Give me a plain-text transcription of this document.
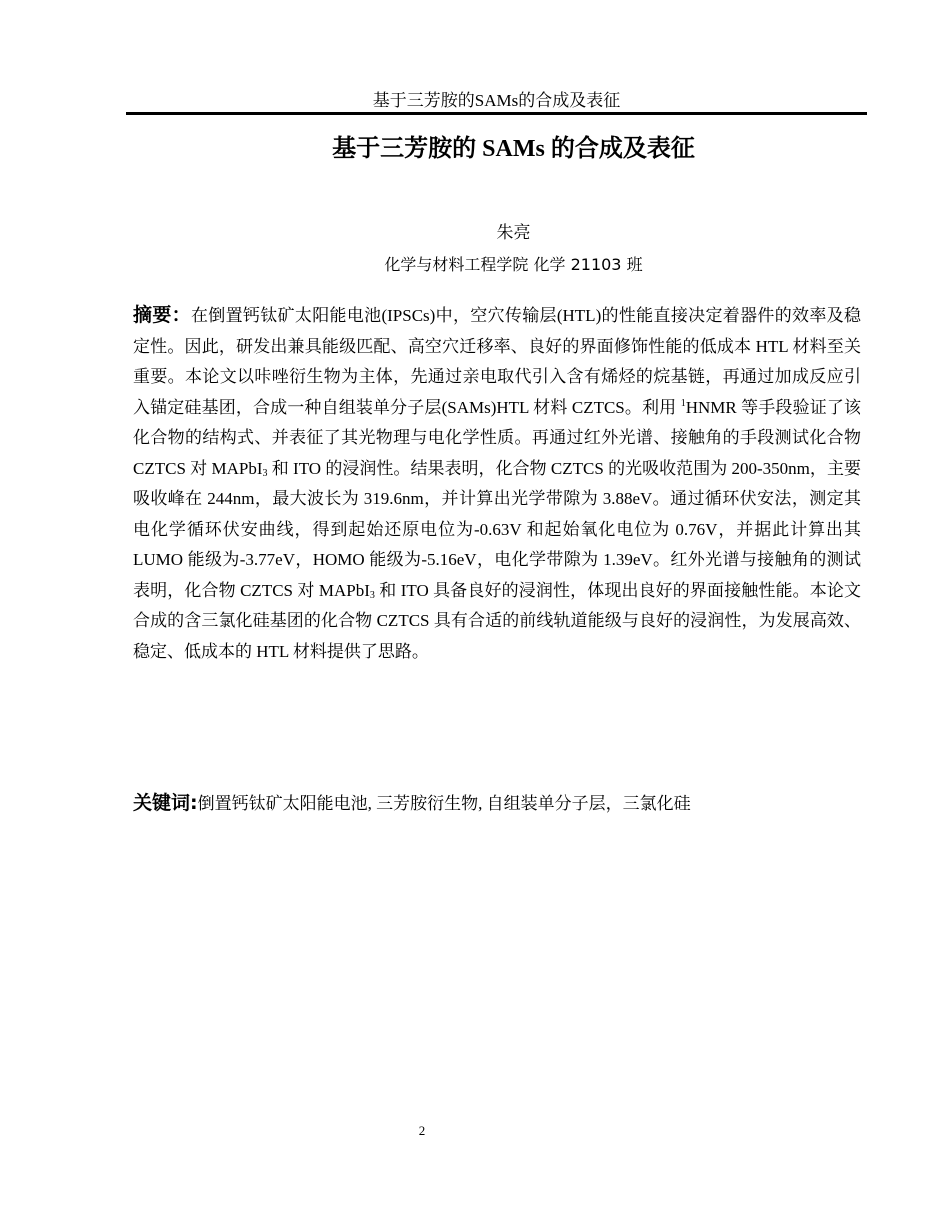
基于三芳胺的SAMs的合成及表征
基于三芳胺的 SAMs 的合成及表征
朱亮
化学与材料工程学院 化学 21103 班

摘要：在倒置钙钛矿太阳能电池(IPSCs)中，空穴传输层(HTL)的性能直接决定着器件的效率及稳定性。因此，研发出兼具能级匹配、高空穴迁移率、良好的界面修饰性能的低成本 HTL 材料至关重要。本论文以咔唑衍生物为主体，先通过亲电取代引入含有烯烃的烷基链，再通过加成反应引入锚定硅基团，合成一种自组装单分子层(SAMs)HTL 材料 CZTCS。利用 $^1$HNMR 等手段验证了该化合物的结构式、并表征了其光物理与电化学性质。再通过红外光谱、接触角的手段测试化合物 CZTCS 对 MAPbI$_3$ 和 ITO 的浸润性。结果表明，化合物 CZTCS 的光吸收范围为 200-350nm，主要吸收峰在 244nm，最大波长为 319.6nm，并计算出光学带隙为 3.88eV。通过循环伏安法，测定其电化学循环伏安曲线，得到起始还原电位为-0.63V 和起始氧化电位为 0.76V，并据此计算出其 LUMO 能级为-3.77eV，HOMO 能级为-5.16eV，电化学带隙为 1.39eV。红外光谱与接触角的测试表明，化合物 CZTCS 对 MAPbI$_3$ 和 ITO 具备良好的浸润性，体现出良好的界面接触性能。本论文合成的含三氯化硅基团的化合物 CZTCS 具有合适的前线轨道能级与良好的浸润性，为发展高效、稳定、低成本的 HTL 材料提供了思路。

关键词:倒置钙钛矿太阳能电池, 三芳胺衍生物, 自组装单分子层，三氯化硅

2
